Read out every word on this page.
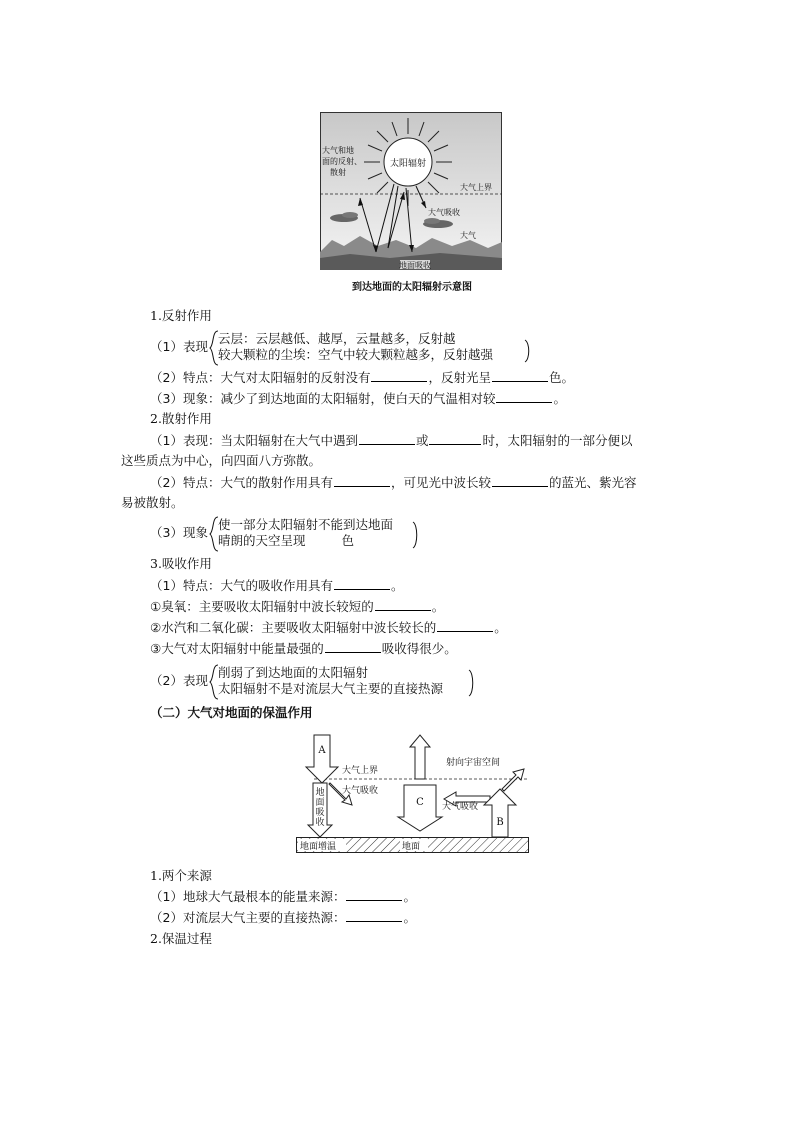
太阳辐射
大气和地
面的反射、
散射
大气上界
大气吸收
大气
地面吸收
到达地面的太阳辐射示意图
1.反射作用
（1）表现
云层：云层越低、越厚，云量越多，反射越
较大颗粒的尘埃：空气中较大颗粒越多，反射越强
（2）特点：大气对太阳辐射的反射没有	，反射光呈	色。
（3）现象：减少了到达地面的太阳辐射，使白天的气温相对较	。
2.散射作用
（1）表现：当太阳辐射在大气中遇到	或	时，太阳辐射的一部分便以
这些质点为中心，向四面八方弥散。
（2）特点：大气的散射作用具有	，可见光中波长较	的蓝光、紫光容
易被散射。
（3）现象
使一部分太阳辐射不能到达地面
晴朗的天空呈现	色
3.吸收作用
（1）特点：大气的吸收作用具有	。
①臭氧：主要吸收太阳辐射中波长较短的	。
②水汽和二氧化碳：主要吸收太阳辐射中波长较长的	。
③大气对太阳辐射中能量最强的	吸收得很少。
（2）表现
削弱了到达地面的太阳辐射
太阳辐射不是对流层大气主要的直接热源
（二）大气对地面的保温作用
地面增温	地面
大气上界
射向宇宙空间
A
地
面
吸
收
大气吸收
C 大气吸收
B
1.两个来源
（1）地球大气最根本的能量来源：	。
（2）对流层大气主要的直接热源：	。
2.保温过程
